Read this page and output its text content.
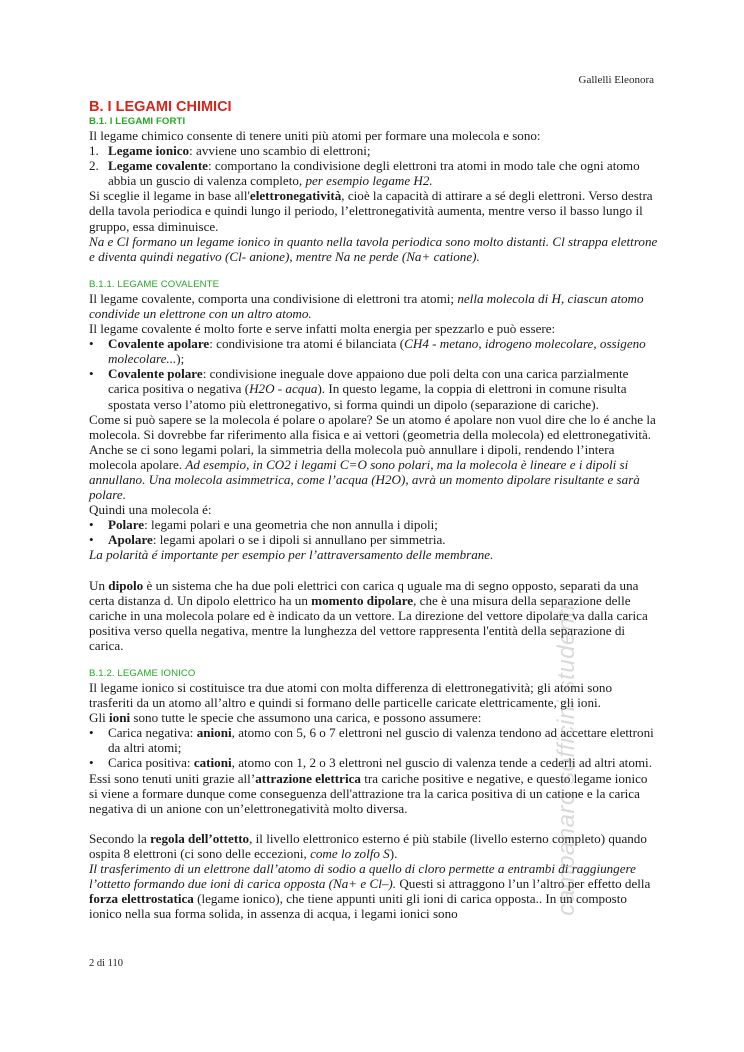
Gallelli Eleonora

B. I LEGAMI CHIMICI

B.1. I LEGAMI FORTI

Il legame chimico consente di tenere uniti più atomi per formare una molecola e sono:

1. Legame ionico: avviene uno scambio di elettroni;
2. Legame covalente: comportano la condivisione degli elettroni tra atomi in modo tale che ogni atomo abbia un guscio di valenza completo, per esempio legame H2.

Si sceglie il legame in base all'elettronegatività, cioè la capacità di attirare a sé degli elettroni. Verso destra della tavola periodica e quindi lungo il periodo, l’elettronegatività aumenta, mentre verso il basso lungo il gruppo, essa diminuisce.

Na e Cl formano un legame ionico in quanto nella tavola periodica sono molto distanti. Cl strappa elettrone e diventa quindi negativo (Cl- anione), mentre Na ne perde (Na+ catione).

B.1.1. LEGAME COVALENTE

Il legame covalente, comporta una condivisione di elettroni tra atomi; nella molecola di H, ciascun atomo condivide un elettrone con un altro atomo.

Il legame covalente é molto forte e serve infatti molta energia per spezzarlo e può essere:

• Covalente apolare: condivisione tra atomi é bilanciata (CH4 - metano, idrogeno molecolare, ossigeno molecolare...);
• Covalente polare: condivisione ineguale dove appaiono due poli delta con una carica parzialmente carica positiva o negativa (H2O - acqua). In questo legame, la coppia di elettroni in comune risulta spostata verso l’atomo più elettronegativo, si forma quindi un dipolo (separazione di cariche).

Come si può sapere se la molecola é polare o apolare? Se un atomo é apolare non vuol dire che lo é anche la molecola. Si dovrebbe far riferimento alla fisica e ai vettori (geometria della molecola) ed elettronegatività. Anche se ci sono legami polari, la simmetria della molecola può annullare i dipoli, rendendo l’intera molecola apolare. Ad esempio, in CO2 i legami C=O sono polari, ma la molecola è lineare e i dipoli si annullano. Una molecola asimmetrica, come l’acqua (H2O), avrà un momento dipolare risultante e sarà polare.

Quindi una molecola é:

• Polare: legami polari e una geometria che non annulla i dipoli;
• Apolare: legami apolari o se i dipoli si annullano per simmetria.

La polarità é importante per esempio per l’attraversamento delle membrane.

Un dipolo è un sistema che ha due poli elettrici con carica q uguale ma di segno opposto, separati da una certa distanza d. Un dipolo elettrico ha un momento dipolare, che è una misura della separazione delle cariche in una molecola polare ed è indicato da un vettore. La direzione del vettore dipolare va dalla carica positiva verso quella negativa, mentre la lunghezza del vettore rappresenta l'entità della separazione di carica.

B.1.2. LEGAME IONICO

Il legame ionico si costituisce tra due atomi con molta differenza di elettronegatività; gli atomi sono trasferiti da un atomo all’altro e quindi si formano delle particelle caricate elettricamente, gli ioni.

Gli ioni sono tutte le specie che assumono una carica, e possono assumere:

• Carica negativa: anioni, atomo con 5, 6 o 7 elettroni nel guscio di valenza tendono ad accettare elettroni da altri atomi;
• Carica positiva: cationi, atomo con 1, 2 o 3 elettroni nel guscio di valenza tende a cederli ad altri atomi.

Essi sono tenuti uniti grazie all’attrazione elettrica tra cariche positive e negative, e questo legame ionico si viene a formare dunque come conseguenza dell'attrazione tra la carica positiva di un catione e la carica negativa di un anione con un’elettronegatività molto diversa.

Secondo la regola dell’ottetto, il livello elettronico esterno é più stabile (livello esterno completo) quando ospita 8 elettroni (ci sono delle eccezioni, come lo zolfo S).

Il trasferimento di un elettrone dall’atomo di sodio a quello di cloro permette a entrambi di raggiungere l’ottetto formando due ioni di carica opposta (Na+ e Cl–). Questi si attraggono l’un l’altro per effetto della forza elettrostatica (legame ionico), che tiene appunti uniti gli ioni di carica opposta.. In un composto ionico nella sua forma solida, in assenza di acqua, i legami ionici sono	campanaro sofficini studenti
2 di 110
